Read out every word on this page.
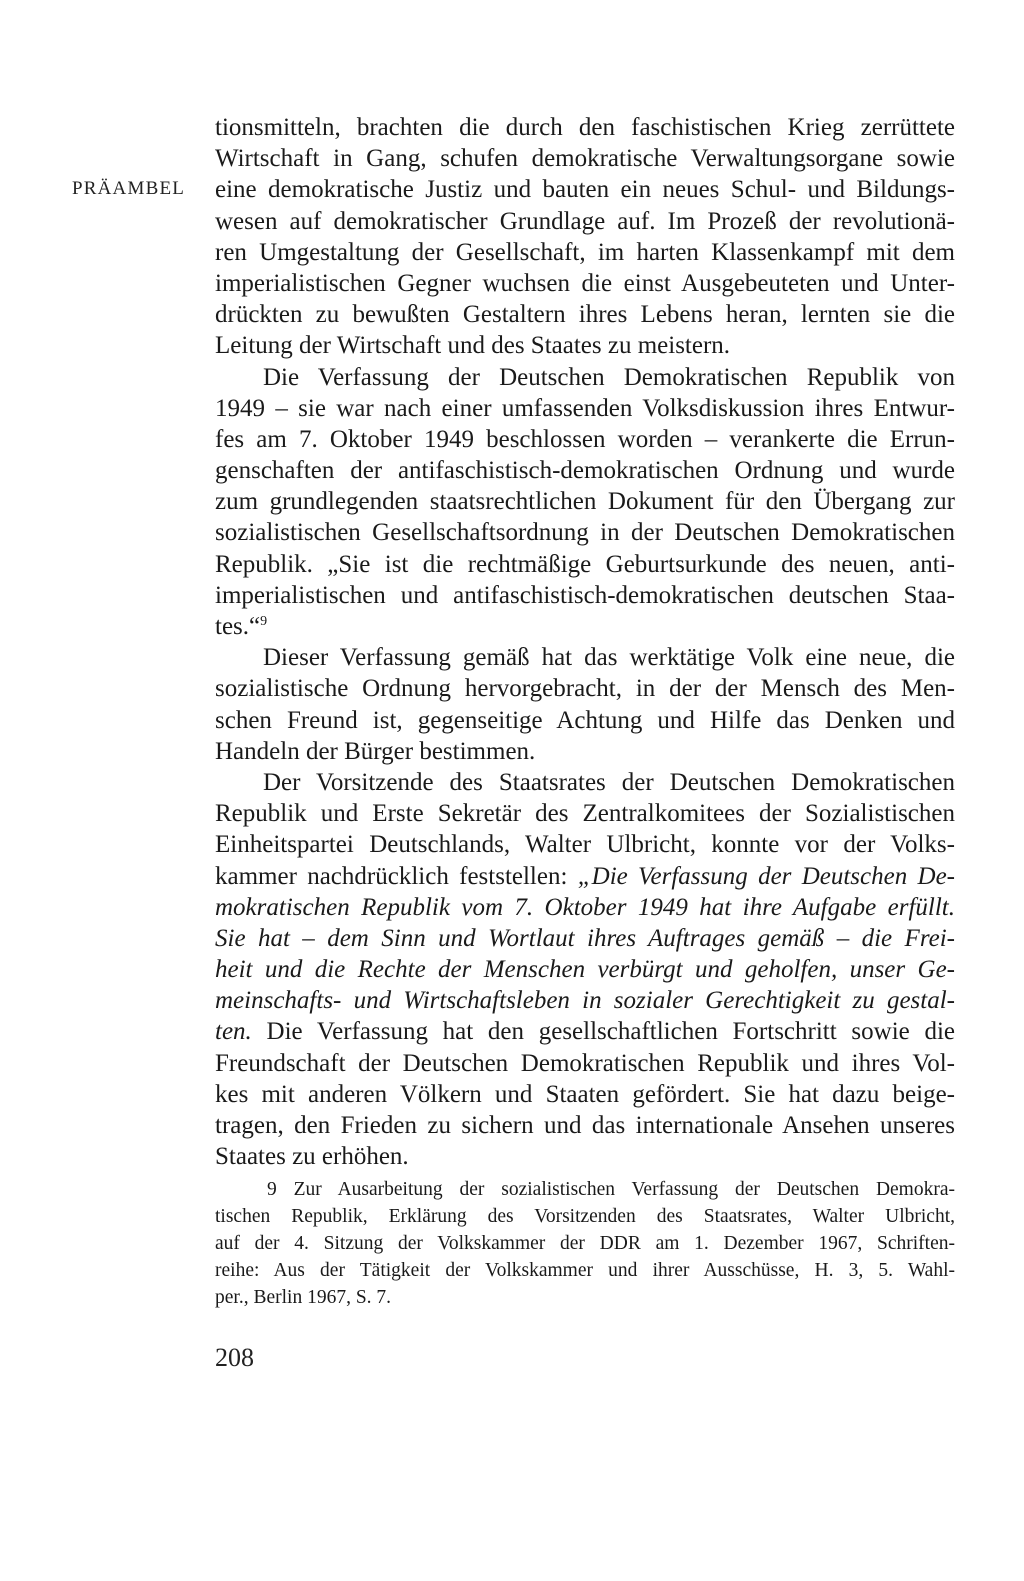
PRÄAMBEL
tionsmitteln, brachten die durch den faschistischen Krieg zerrüttete
Wirtschaft in Gang, schufen demokratische Verwaltungsorgane sowie
eine demokratische Justiz und bauten ein neues Schul- und Bildungs-
wesen auf demokratischer Grundlage auf. Im Prozeß der revolutionä-
ren Umgestaltung der Gesellschaft, im harten Klassenkampf mit dem
imperialistischen Gegner wuchsen die einst Ausgebeuteten und Unter-
drückten zu bewußten Gestaltern ihres Lebens heran, lernten sie die
Leitung der Wirtschaft und des Staates zu meistern.
Die Verfassung der Deutschen Demokratischen Republik von
1949 – sie war nach einer umfassenden Volksdiskussion ihres Entwur-
fes am 7. Oktober 1949 beschlossen worden – verankerte die Errun-
genschaften der antifaschistisch-demokratischen Ordnung und wurde
zum grundlegenden staatsrechtlichen Dokument für den Übergang zur
sozialistischen Gesellschaftsordnung in der Deutschen Demokratischen
Republik. „Sie ist die rechtmäßige Geburtsurkunde des neuen, anti-
imperialistischen und antifaschistisch-demokratischen deutschen Staa-
tes.“$^9$
Dieser Verfassung gemäß hat das werktätige Volk eine neue, die
sozialistische Ordnung hervorgebracht, in der der Mensch des Men-
schen Freund ist, gegenseitige Achtung und Hilfe das Denken und
Handeln der Bürger bestimmen.
Der Vorsitzende des Staatsrates der Deutschen Demokratischen
Republik und Erste Sekretär des Zentralkomitees der Sozialistischen
Einheitspartei Deutschlands, Walter Ulbricht, konnte vor der Volks-
kammer nachdrücklich feststellen: „Die Verfassung der Deutschen De-
mokratischen Republik vom 7. Oktober 1949 hat ihre Aufgabe erfüllt.
Sie hat – dem Sinn und Wortlaut ihres Auftrages gemäß – die Frei-
heit und die Rechte der Menschen verbürgt und geholfen, unser Ge-
meinschafts- und Wirtschaftsleben in sozialer Gerechtigkeit zu gestal-
ten. Die Verfassung hat den gesellschaftlichen Fortschritt sowie die
Freundschaft der Deutschen Demokratischen Republik und ihres Vol-
kes mit anderen Völkern und Staaten gefördert. Sie hat dazu beige-
tragen, den Frieden zu sichern und das internationale Ansehen unseres
Staates zu erhöhen.
9 Zur Ausarbeitung der sozialistischen Verfassung der Deutschen Demokra-
tischen Republik, Erklärung des Vorsitzenden des Staatsrates, Walter Ulbricht,
auf der 4. Sitzung der Volkskammer der DDR am 1. Dezember 1967, Schriften-
reihe: Aus der Tätigkeit der Volkskammer und ihrer Ausschüsse, H. 3, 5. Wahl-
per., Berlin 1967, S. 7.
208
